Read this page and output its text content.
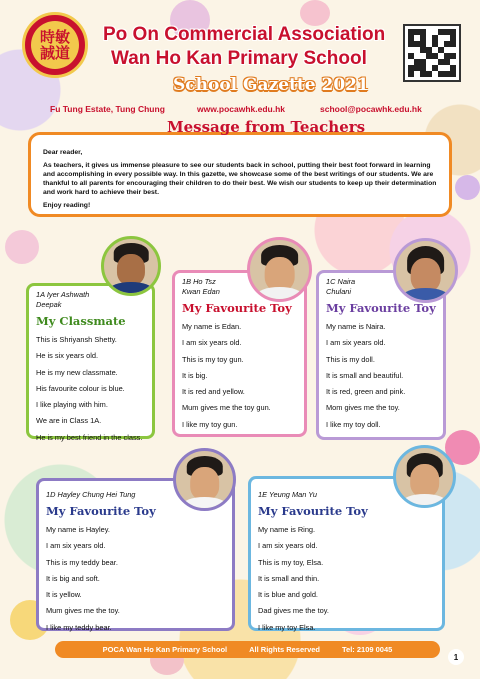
時敏誠道
Po On Commercial Association
Wan Ho Kan Primary School
School Gazette 2021
Fu Tung Estate, Tung Chung	www.pocawhk.edu.hk	school@pocawhk.edu.hk
Message from Teachers

Dear reader,

As teachers, it gives us immense pleasure to see our students back in school, putting their best foot forward in learning and accomplishing in every possible way. In this gazette, we showcase some of the best writings of our students. We are thankful to all parents for encouraging their children to do their best. We wish our students to keep up their determination and work hard to achieve their best.

Enjoy reading!

1A Iyer Ashwath
Deepak
My Classmate
This is Shriyansh Shetty.
He is six years old.
He is my new classmate.
His favourite colour is blue.
I like playing with him.
We are in Class 1A.
He is my best friend in the class.
1B Ho Tsz
Kwan Edan
My Favourite Toy
My name is Edan.
I am six years old.
This is my toy gun.
It is big.
It is red and yellow.
Mum gives me the toy gun.
I like my toy gun.
1C Naira
Chulani
My Favourite Toy
My name is Naira.
I am six years old.
This is my doll.
It is small and beautiful.
It is red, green and pink.
Mom gives me the toy.
I like my toy doll.
1D Hayley Chung Hei Tung
My Favourite Toy
My name is Hayley.
I am six years old.
This is my teddy bear.
It is big and soft.
It is yellow.
Mum gives me the toy.
I like my teddy bear.
1E Yeung Man Yu
My Favourite Toy
My name is Ring.
I am six years old.
This is my toy, Elsa.
It is small and thin.
It is blue and gold.
Dad gives me the toy.
I like my toy Elsa.
POCA Wan Ho Kan Primary School	All Rights Reserved	Tel: 2109 0045
1
